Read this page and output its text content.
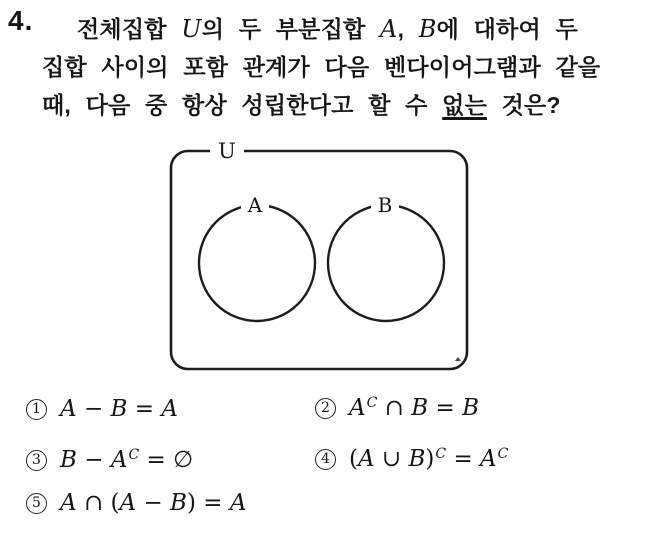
4. 전체집합 U의 두 부분집합 A, B에 대하여 두
집합 사이의 포함 관계가 다음 벤다이어그램과 같을
때, 다음 중 항상 성립한다고 할 수 없는 것은?
U
A	B
1 A − B = A	2 AC ∩ B = B
3 B − AC = ∅	4 (A ∪ B)C = AC
5 A ∩ (A − B) = A
